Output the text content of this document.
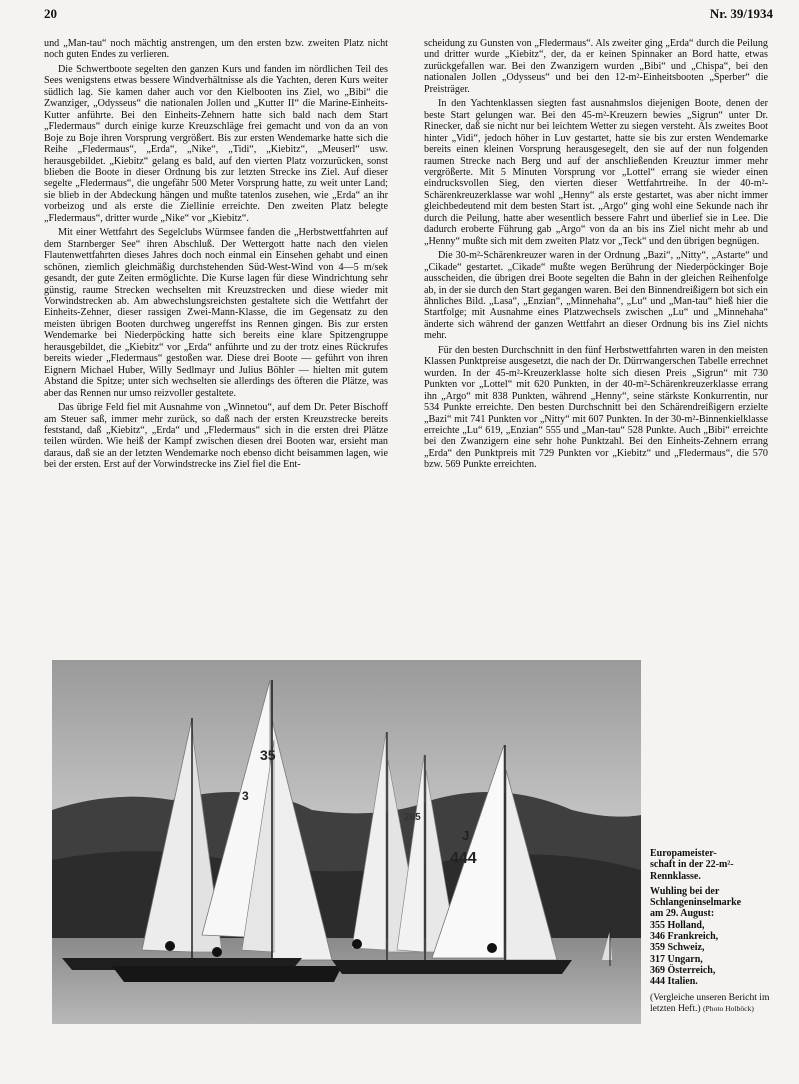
20	Nr. 39/1934

und „Man-tau“ noch mächtig anstrengen, um den ersten bzw. zweiten Platz nicht noch guten Endes zu verlieren.

Die Schwertboote segelten den ganzen Kurs und fanden im nördlichen Teil des Sees wenigstens etwas bessere Windverhältnisse als die Yachten, deren Kurs weiter südlich lag. Sie kamen daher auch vor den Kielbooten ins Ziel, wo „Bibi“ die Zwanziger, „Odysseus“ die nationalen Jollen und „Kutter II“ die Marine-Einheits-Kutter anführte. Bei den Einheits-Zehnern hatte sich bald nach dem Start „Fledermaus“ durch einige kurze Kreuzschläge frei gemacht und von da an von Boje zu Boje ihren Vorsprung vergrößert. Bis zur ersten Wendemarke hatte sich die Reihe „Fledermaus“, „Erda“, „Nike“, „Tidi“, „Kiebitz“, „Meuserl“ usw. herausgebildet. „Kiebitz“ gelang es bald, auf den vierten Platz vorzurücken, sonst blieben die Boote in dieser Ordnung bis zur letzten Strecke ins Ziel. Auf dieser segelte „Fledermaus“, die ungefähr 500 Meter Vorsprung hatte, zu weit unter Land; sie blieb in der Abdeckung hängen und mußte tatenlos zusehen, wie „Erda“ an ihr vorbeizog und als erste die Ziellinie erreichte. Den zweiten Platz belegte „Fledermaus“, dritter wurde „Nike“ vor „Kiebitz“.

Mit einer Wettfahrt des Segelclubs Würmsee fanden die „Herbstwettfahrten auf dem Starnberger See“ ihren Abschluß. Der Wettergott hatte nach den vielen Flautenwettfahrten dieses Jahres doch noch einmal ein Einsehen gehabt und einen schönen, ziemlich gleichmäßig durchstehenden Süd-West-Wind von 4—5 m/sek gesandt, der gute Zeiten ermöglichte. Die Kurse lagen für diese Windrichtung sehr günstig, raume Strecken wechselten mit Kreuzstrecken und diese wieder mit Vorwindstrecken ab. Am abwechslungsreichsten gestaltete sich die Wettfahrt der Einheits-Zehner, dieser rassigen Zwei-Mann-Klasse, die im Gegensatz zu den meisten übrigen Booten durchweg ungereffst ins Rennen gingen. Bis zur ersten Wendemarke bei Niederpöcking hatte sich bereits eine klare Spitzengruppe herausgebildet, die „Kiebitz“ vor „Erda“ anführte und zu der trotz eines Rückrufes bereits wieder „Fledermaus“ gestoßen war. Diese drei Boote — geführt von ihren Eignern Michael Huber, Willy Sedlmayr und Julius Böhler — hielten mit gutem Abstand die Spitze; unter sich wechselten sie allerdings des öfteren die Plätze, was aber das Rennen nur umso reizvoller gestaltete.

Das übrige Feld fiel mit Ausnahme von „Winnetou“, auf dem Dr. Peter Bischoff am Steuer saß, immer mehr zurück, so daß nach der ersten Kreuzstrecke bereits feststand, daß „Kiebitz“, „Erda“ und „Fledermaus“ sich in die ersten drei Plätze teilen würden. Wie heiß der Kampf zwischen diesen drei Booten war, ersieht man daraus, daß sie an der letzten Wendemarke noch ebenso dicht beisammen lagen, wie bei der ersten. Erst auf der Vorwindstrecke ins Ziel fiel die Ent-

scheidung zu Gunsten von „Fledermaus“. Als zweiter ging „Erda“ durch die Peilung und dritter wurde „Kiebitz“, der, da er keinen Spinnaker an Bord hatte, etwas zurückgefallen war. Bei den Zwanzigern wurden „Bibi“ und „Chispa“, bei den nationalen Jollen „Odysseus“ und bei den 12-m²-Einheitsbooten „Sperber“ die Preisträger.

In den Yachtenklassen siegten fast ausnahmslos diejenigen Boote, denen der beste Start gelungen war. Bei den 45-m²-Kreuzern bewies „Sigrun“ unter Dr. Rinecker, daß sie nicht nur bei leichtem Wetter zu siegen versteht. Als zweites Boot hinter „Vidi“, jedoch höher in Luv gestartet, hatte sie bis zur ersten Wendemarke bereits einen kleinen Vorsprung herausgesegelt, den sie auf der nun folgenden raumen Strecke nach Berg und auf der anschließenden Kreuztur immer mehr vergrößerte. Mit 5 Minuten Vorsprung vor „Lottel“ errang sie wieder einen eindrucksvollen Sieg, den vierten dieser Wettfahrtreihe. In der 40-m²-Schärenkreuzerklasse war wohl „Henny“ als erste gestartet, was aber nicht immer gleichbedeutend mit dem besten Start ist. „Argo“ ging wohl eine Sekunde nach ihr durch die Peilung, hatte aber wesentlich bessere Fahrt und überlief sie in Lee. Die dadurch eroberte Führung gab „Argo“ von da an bis ins Ziel nicht mehr ab und „Henny“ mußte sich mit dem zweiten Platz vor „Teck“ und den übrigen begnügen.

Die 30-m²-Schärenkreuzer waren in der Ordnung „Bazi“, „Nitty“, „Astarte“ und „Cikade“ gestartet. „Cikade“ mußte wegen Berührung der Niederpöckinger Boje ausscheiden, die übrigen drei Boote segelten die Bahn in der gleichen Reihenfolge ab, in der sie durch den Start gegangen waren. Bei den Binnendreißigern bot sich ein ähnliches Bild. „Lasa“, „Enzian“, „Minnehaha“, „Lu“ und „Man-tau“ hieß hier die Startfolge; mit Ausnahme eines Platzwechsels zwischen „Lu“ und „Minnehaha“ änderte sich während der ganzen Wettfahrt an dieser Ordnung bis ins Ziel nichts mehr.

Für den besten Durchschnitt in den fünf Herbstwettfahrten waren in den meisten Klassen Punktpreise ausgesetzt, die nach der Dr. Dürrwangerschen Tabelle errechnet wurden. In der 45-m²-Kreuzerklasse holte sich diesen Preis „Sigrun“ mit 730 Punkten vor „Lottel“ mit 620 Punkten, in der 40-m²-Schärenkreuzerklasse errang ihn „Argo“ mit 838 Punkten, während „Henny“, seine stärkste Konkurrentin, nur 534 Punkte erreichte. Den besten Durchschnitt bei den Schärendreißigern erzielte „Bazi“ mit 741 Punkten vor „Nitty“ mit 607 Punkten. In der 30-m²-Binnenkielklasse erreichte „Lu“ 619, „Enzian“ 555 und „Man-tau“ 528 Punkte. Auch „Bibi“ erreichte bei den Zwanzigern eine sehr hohe Punktzahl. Bei den Einheits-Zehnern errang „Erda“ den Punktpreis mit 729 Punkten vor „Kiebitz“ und „Fledermaus“, die 570 bzw. 569 Punkte erreichten.

35
3
265
J
444	Europameister-
schaft in der 22-m²-
Rennklasse.
Wuhling bei der
Schlangeninselmarke
am 29. August:
355 Holland,
346 Frankreich,
359 Schweiz,
317 Ungarn,
369 Österreich,
444 Italien.
(Vergleiche unseren Bericht im letzten Heft.) (Photo Holböck)
